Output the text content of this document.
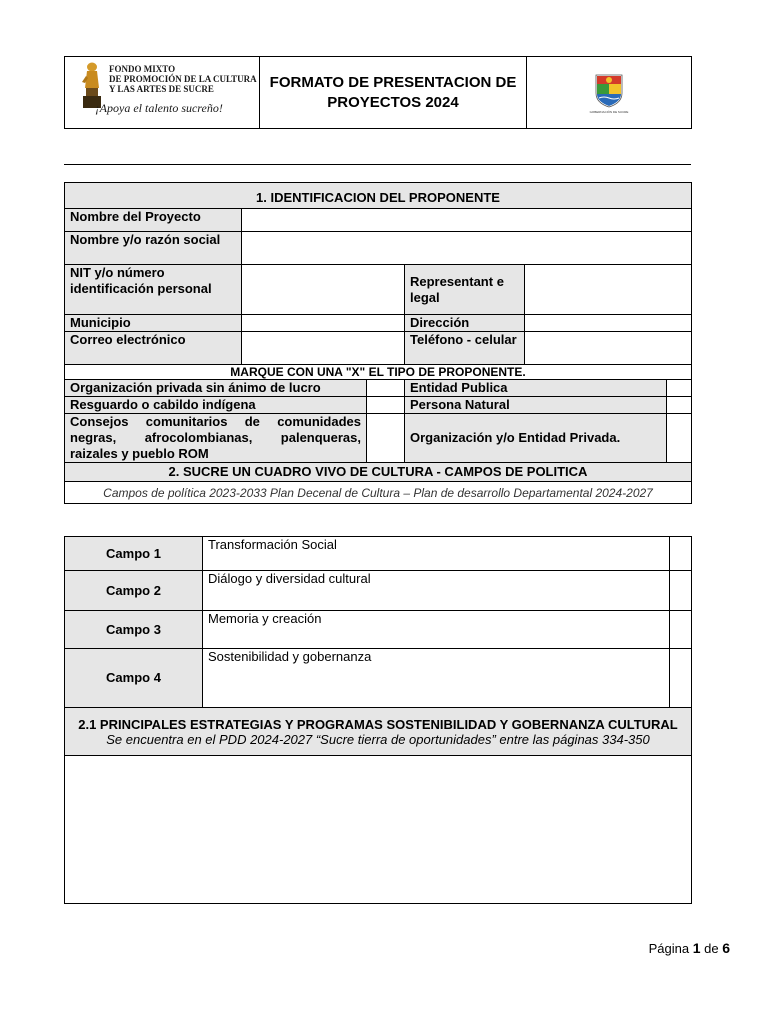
FONDO MIXTO
DE PROMOCIÓN DE LA CULTURA
Y LAS ARTES DE SUCRE
¡Apoya el talento sucreño!

FORMATO DE PRESENTACION DE
PROYECTOS 2024

GOBERNACIÓN DE SUCRE
1. IDENTIFICACION DEL PROPONENTE					
Nombre del Proyecto					
Nombre y/o razón social					
NIT y/o número identificación personal			Representant e legal		
Municipio			Dirección		
Correo electrónico			Teléfono - celular		
MARQUE CON UNA "X" EL TIPO DE PROPONENTE.					
Organización privada sin ánimo de lucro			Entidad Publica		
Resguardo o cabildo indígena			Persona Natural		
Consejos comunitarios de comunidades negras, afrocolombianas, palenqueras, raizales y pueblo ROM			Organización y/o Entidad Privada.		
2. SUCRE UN CUADRO VIVO DE CULTURA - CAMPOS DE POLITICA					
Campos de política 2023-2033 Plan Decenal de Cultura – Plan de desarrollo Departamental 2024-2027					
Campo 1	Transformación Social	
Campo 2	Diálogo y diversidad cultural	
Campo 3	Memoria y creación	
Campo 4	Sostenibilidad y gobernanza	

2.1 PRINCIPALES ESTRATEGIAS Y PROGRAMAS SOSTENIBILIDAD Y GOBERNANZA CULTURAL
Se encuentra en el PDD 2024-2027 “Sucre tierra de oportunidades” entre las páginas 334-350		

Página 1 de 6
